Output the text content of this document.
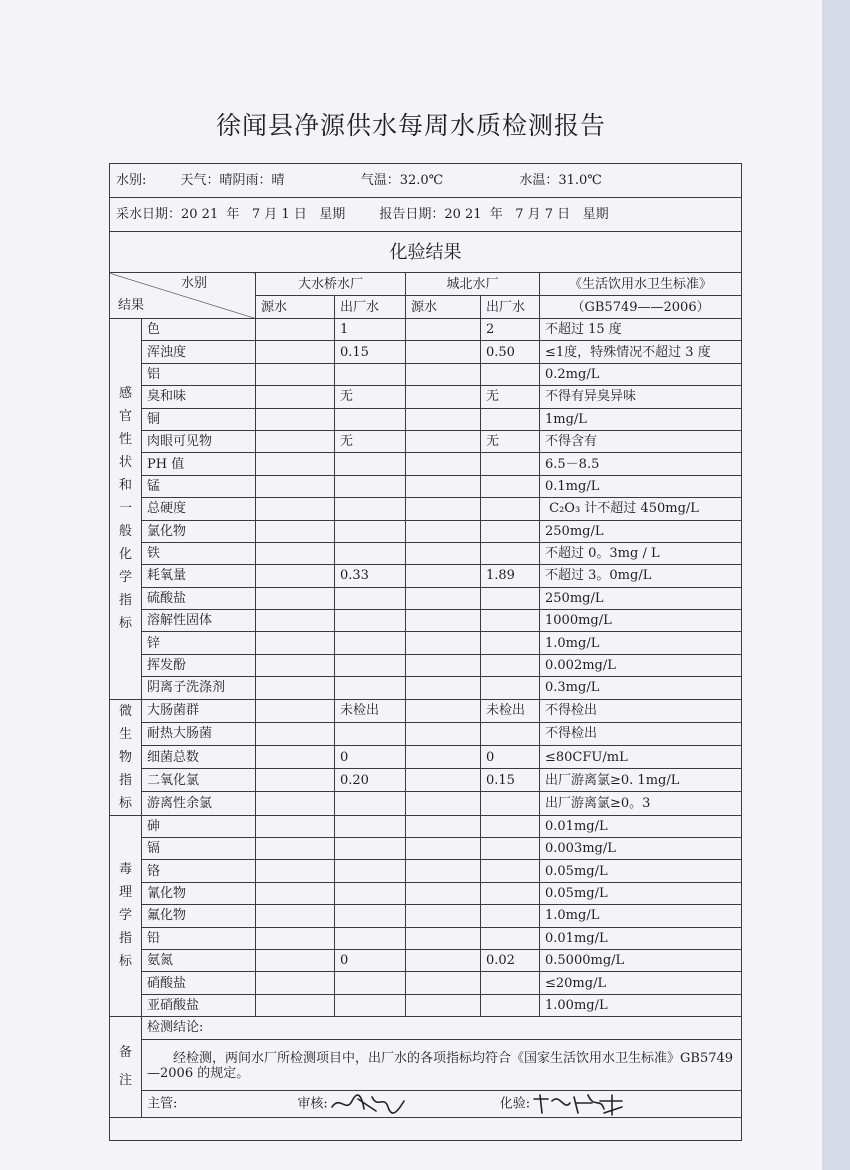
徐闻县净源供水每周水质检测报告
水别: 天气：晴阴雨：晴 气温：32.0℃ 水温：31.0℃						
采水日期：20 21  年   7 月 1 日   星期 报告日期：20 21  年   7 月 7 日   星期						
化验结果						

水别
结果		大水桥水厂		城北水厂		《生活饮用水卫生标准》
		源水	出厂水	源水	出厂水	（GB5749——2006）
感官性状和一般化学指标	色		1		2	不超过 15 度
	浑浊度		0.15		0.50	≤1度，特殊情况不超过 3 度
	铝					0.2mg/L
	臭和味		无		无	不得有异臭异味
	铜					1mg/L
	肉眼可见物		无		无	不得含有
	PH 值					6.5－8.5
	锰					0.1mg/L
	总硬度					C₂O₃ 计不超过 450mg/L
	氯化物					250mg/L
	铁					不超过 0。3mg / L
	耗氧量		0.33		1.89	不超过 3。0mg/L
	硫酸盐					250mg/L
	溶解性固体					1000mg/L
	锌					1.0mg/L
	挥发酚					0.002mg/L
	阴离子洗涤剂					0.3mg/L
微生物指标	大肠菌群		未检出		未检出	不得检出
	耐热大肠菌					不得检出
	细菌总数		0		0	≤80CFU/mL
	二氧化氯		0.20		0.15	出厂游离氯≥0. 1mg/L
	游离性余氯					出厂游离氯≥0。3
毒理学指标	砷					0.01mg/L
	镉					0.003mg/L
	铬					0.05mg/L
	氰化物					0.05mg/L
	氟化物					1.0mg/L
	铅					0.01mg/L
	氨氮		0		0.02	0.5000mg/L
	硝酸盐					≤20mg/L
	亚硝酸盐					1.00mg/L
备注	检测结论:					
	　　经检测，两间水厂所检测项目中，出厂水的各项指标均符合《国家生活饮用水卫生标准》GB5749—2006 的规定。					
	主管: 审核: 化验:					
